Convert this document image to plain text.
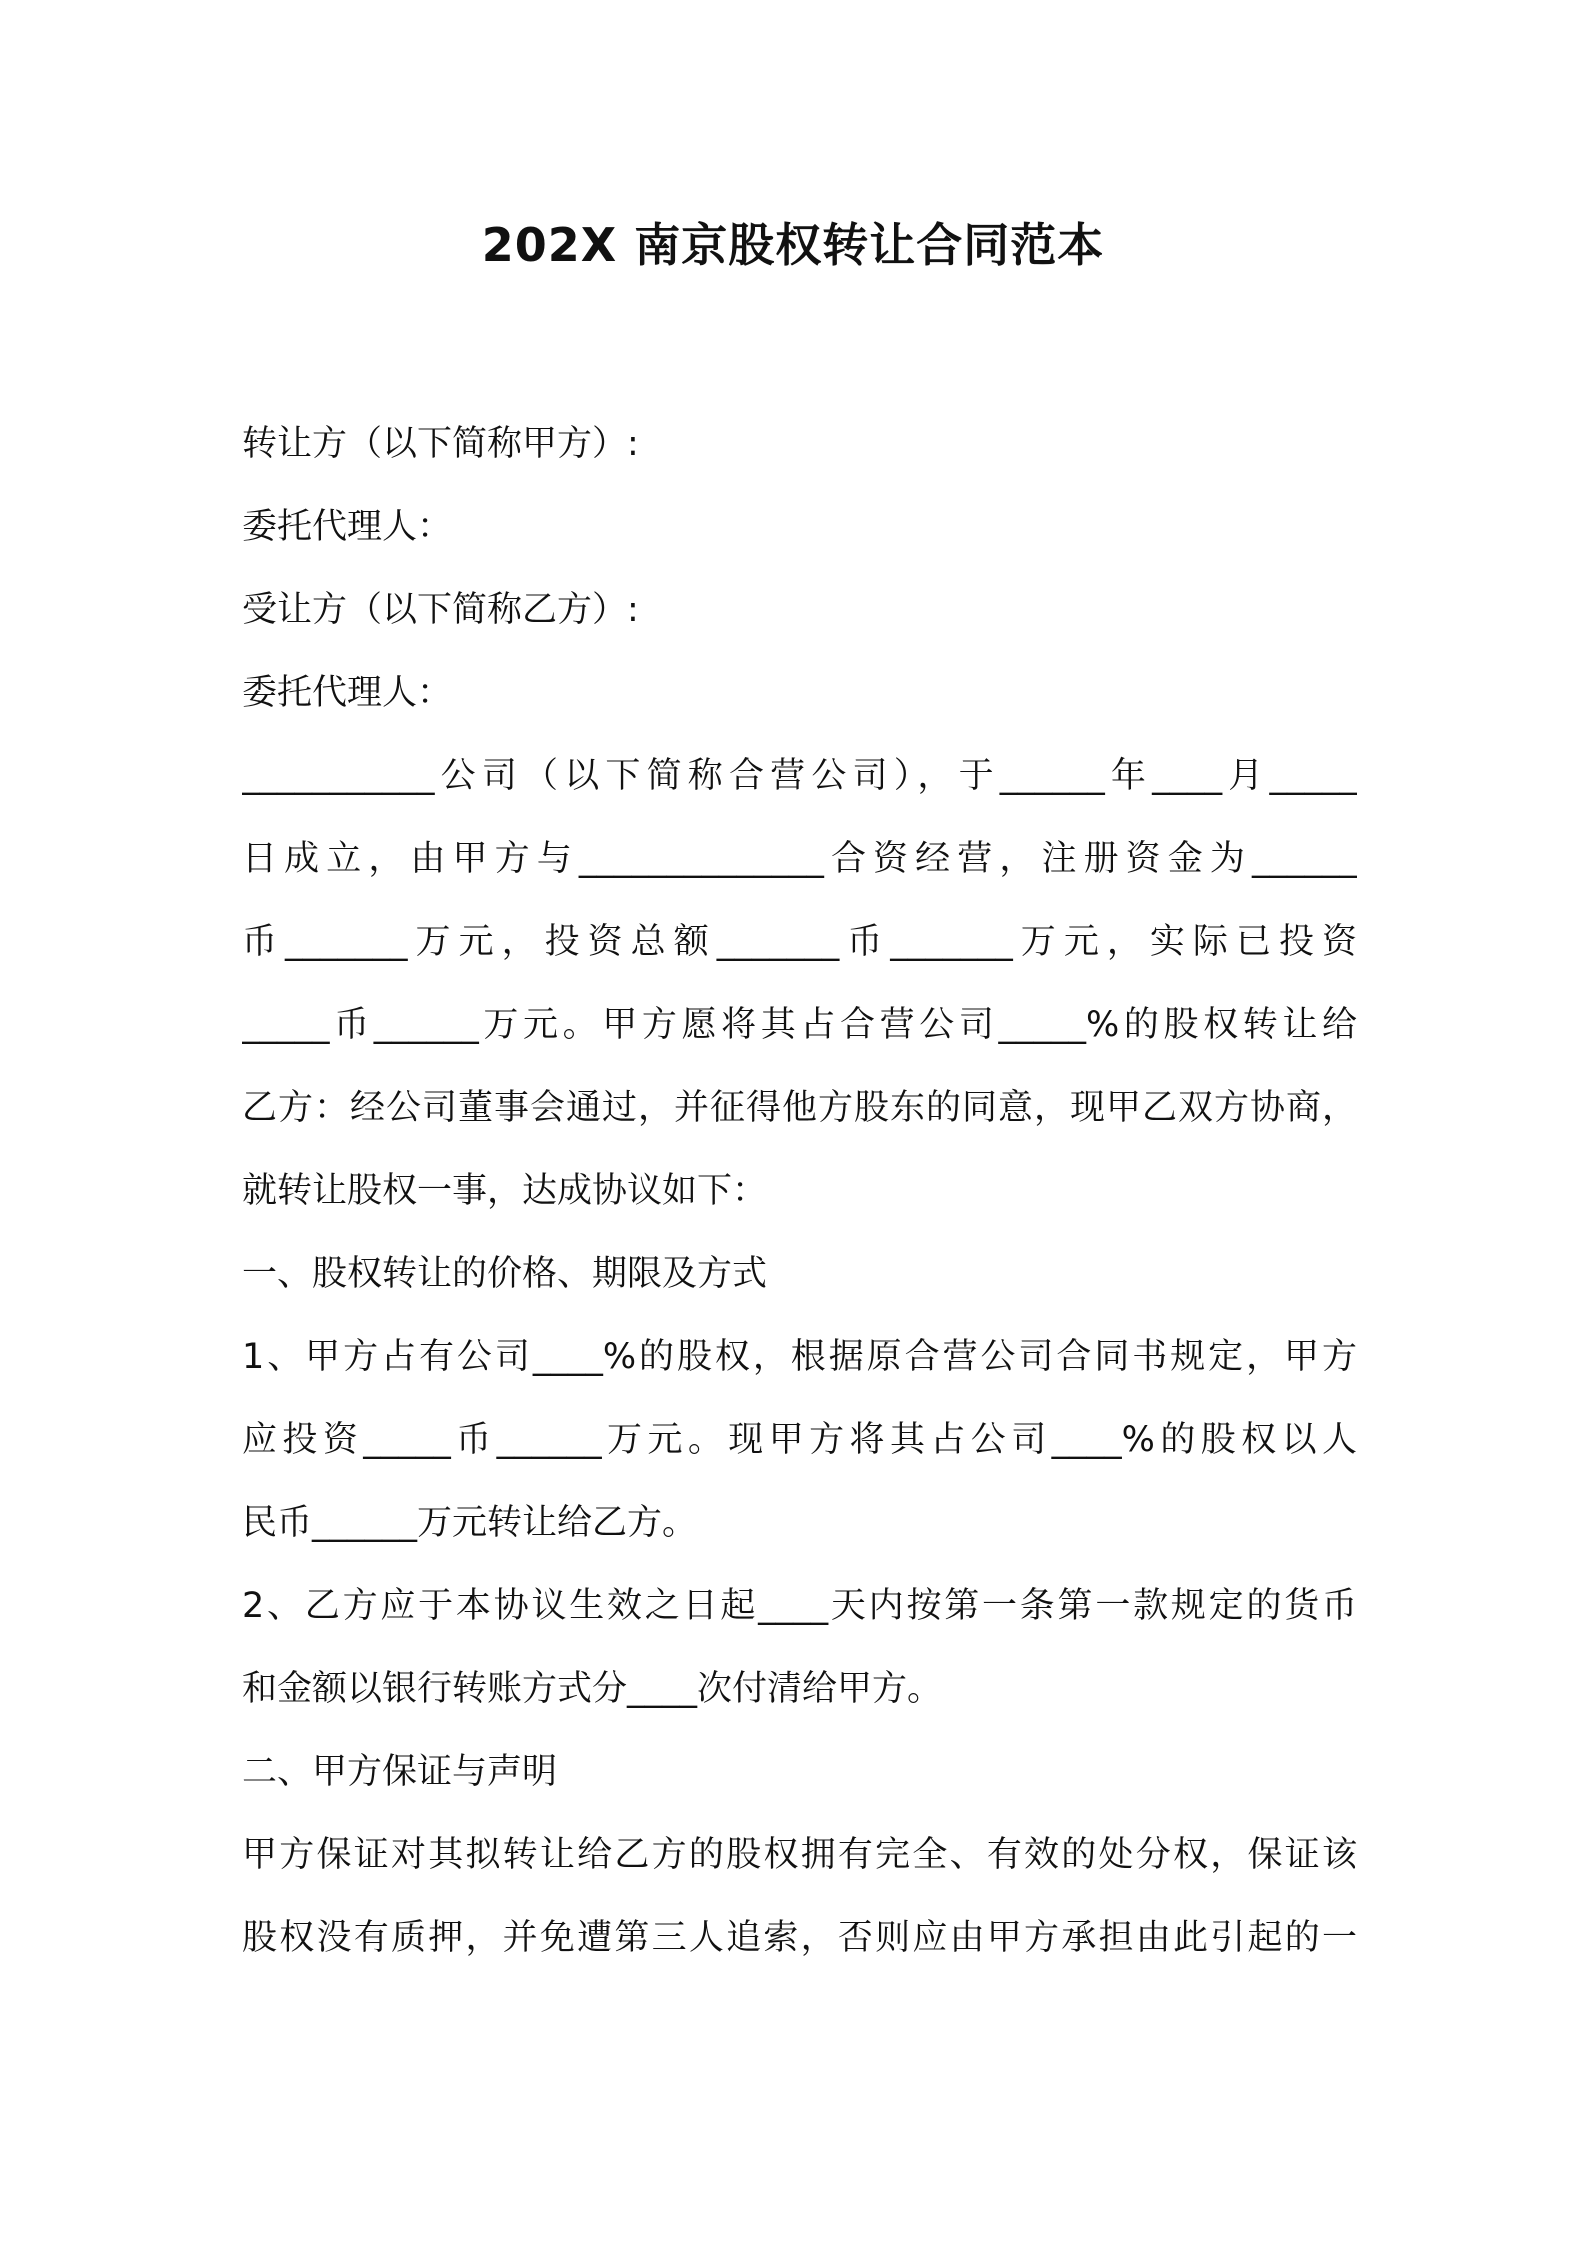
202X 南京股权转让合同范本
转让方（以下简称甲方）:
委托代理人：
受让方（以下简称乙方）:
委托代理人：
___________公司（以下简称合营公司），于______年____月_____
日成立，由甲方与______________合资经营，注册资金为______
币_______万元，投资总额_______币_______万元，实际已投资
_____币______万元。甲方愿将其占合营公司_____%的股权转让给
乙方：经公司董事会通过，并征得他方股东的同意，现甲乙双方协商，
就转让股权一事，达成协议如下：
一、股权转让的价格、期限及方式
1、甲方占有公司____%的股权，根据原合营公司合同书规定，甲方
应投资_____币______万元。现甲方将其占公司____%的股权以人
民币______万元转让给乙方。
2、乙方应于本协议生效之日起____天内按第一条第一款规定的货币
和金额以银行转账方式分____次付清给甲方。
二、甲方保证与声明
甲方保证对其拟转让给乙方的股权拥有完全、有效的处分权，保证该
股权没有质押，并免遭第三人追索，否则应由甲方承担由此引起的一
